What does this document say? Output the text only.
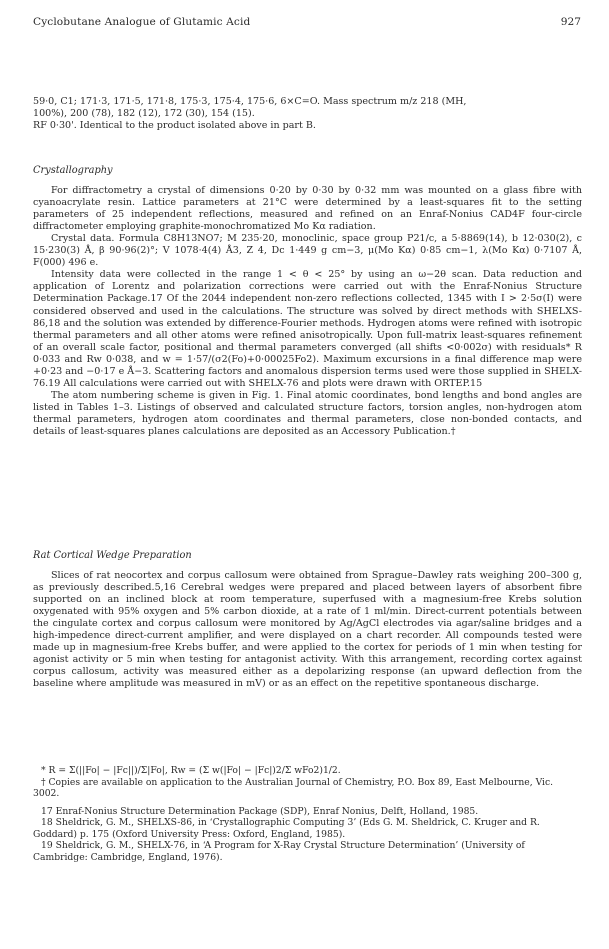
Cyclobutane Analogue of Glutamic Acid	927

59·0, C1; 171·3, 171·5, 171·8, 175·3, 175·4, 175·6, 6×C=O. Mass spectrum m/z 218 (MH,

100%), 200 (78), 182 (12), 172 (30), 154 (15).

RF 0·30'. Identical to the product isolated above in part B.

Crystallography

For diffractometry a crystal of dimensions 0·20 by 0·30 by 0·32 mm was mounted on a glass fibre with cyanoacrylate resin. Lattice parameters at 21°C were determined by a least-squares fit to the setting parameters of 25 independent reflections, measured and refined on an Enraf-Nonius CAD4F four-circle diffractometer employing graphite-monochromatized Mo Kα radiation.

Crystal data. Formula C8H13NO7; M 235·20, monoclinic, space group P21/c, a 5·8869(14), b 12·030(2), c 15·230(3) Å, β 90·96(2)°; V 1078·4(4) Å3, Z 4, Dc 1·449 g cm−3, μ(Mo Kα) 0·85 cm−1, λ(Mo Kα) 0·7107 Å, F(000) 496 e.

Intensity data were collected in the range 1 < θ < 25° by using an ω−2θ scan. Data reduction and application of Lorentz and polarization corrections were carried out with the Enraf-Nonius Structure Determination Package.17 Of the 2044 independent non-zero reflections collected, 1345 with I > 2·5σ(I) were considered observed and used in the calculations. The structure was solved by direct methods with SHELXS-86,18 and the solution was extended by difference-Fourier methods. Hydrogen atoms were refined with isotropic thermal parameters and all other atoms were refined anisotropically. Upon full-matrix least-squares refinement of an overall scale factor, positional and thermal parameters converged (all shifts <0·002σ) with residuals* R 0·033 and Rw 0·038, and w = 1·57/(σ2(Fo)+0·00025Fo2). Maximum excursions in a final difference map were +0·23 and −0·17 e Å−3. Scattering factors and anomalous dispersion terms used were those supplied in SHELX-76.19 All calculations were carried out with SHELX-76 and plots were drawn with ORTEP.15

The atom numbering scheme is given in Fig. 1. Final atomic coordinates, bond lengths and bond angles are listed in Tables 1–3. Listings of observed and calculated structure factors, torsion angles, non-hydrogen atom thermal parameters, hydrogen atom coordinates and thermal parameters, close non-bonded contacts, and details of least-squares planes calculations are deposited as an Accessory Publication.†

Rat Cortical Wedge Preparation

Slices of rat neocortex and corpus callosum were obtained from Sprague–Dawley rats weighing 200–300 g, as previously described.5,16 Cerebral wedges were prepared and placed between layers of absorbent fibre supported on an inclined block at room temperature, superfused with a magnesium-free Krebs solution oxygenated with 95% oxygen and 5% carbon dioxide, at a rate of 1 ml/min. Direct-current potentials between the cingulate cortex and corpus callosum were monitored by Ag/AgCl electrodes via agar/saline bridges and a high-impedence direct-current amplifier, and were displayed on a chart recorder. All compounds tested were made up in magnesium-free Krebs buffer, and were applied to the cortex for periods of 1 min when testing for agonist activity or 5 min when testing for antagonist activity. With this arrangement, recording cortex against corpus callosum, activity was measured either as a depolarizing response (an upward deflection from the baseline where amplitude was measured in mV) or as an effect on the repetitive spontaneous discharge.

* R = Σ(||Fo| − |Fc||)/Σ|Fo|, Rw = (Σ w(|Fo| − |Fc|)2/Σ wFo2)1/2.

† Copies are available on application to the Australian Journal of Chemistry, P.O. Box 89, East Melbourne, Vic. 3002.

17 Enraf-Nonius Structure Determination Package (SDP), Enraf Nonius, Delft, Holland, 1985.

18 Sheldrick, G. M., SHELXS-86, in ‘Crystallographic Computing 3’ (Eds G. M. Sheldrick, C. Kruger and R. Goddard) p. 175 (Oxford University Press: Oxford, England, 1985).

19 Sheldrick, G. M., SHELX-76, in ‘A Program for X-Ray Crystal Structure Determination’ (University of Cambridge: Cambridge, England, 1976).
